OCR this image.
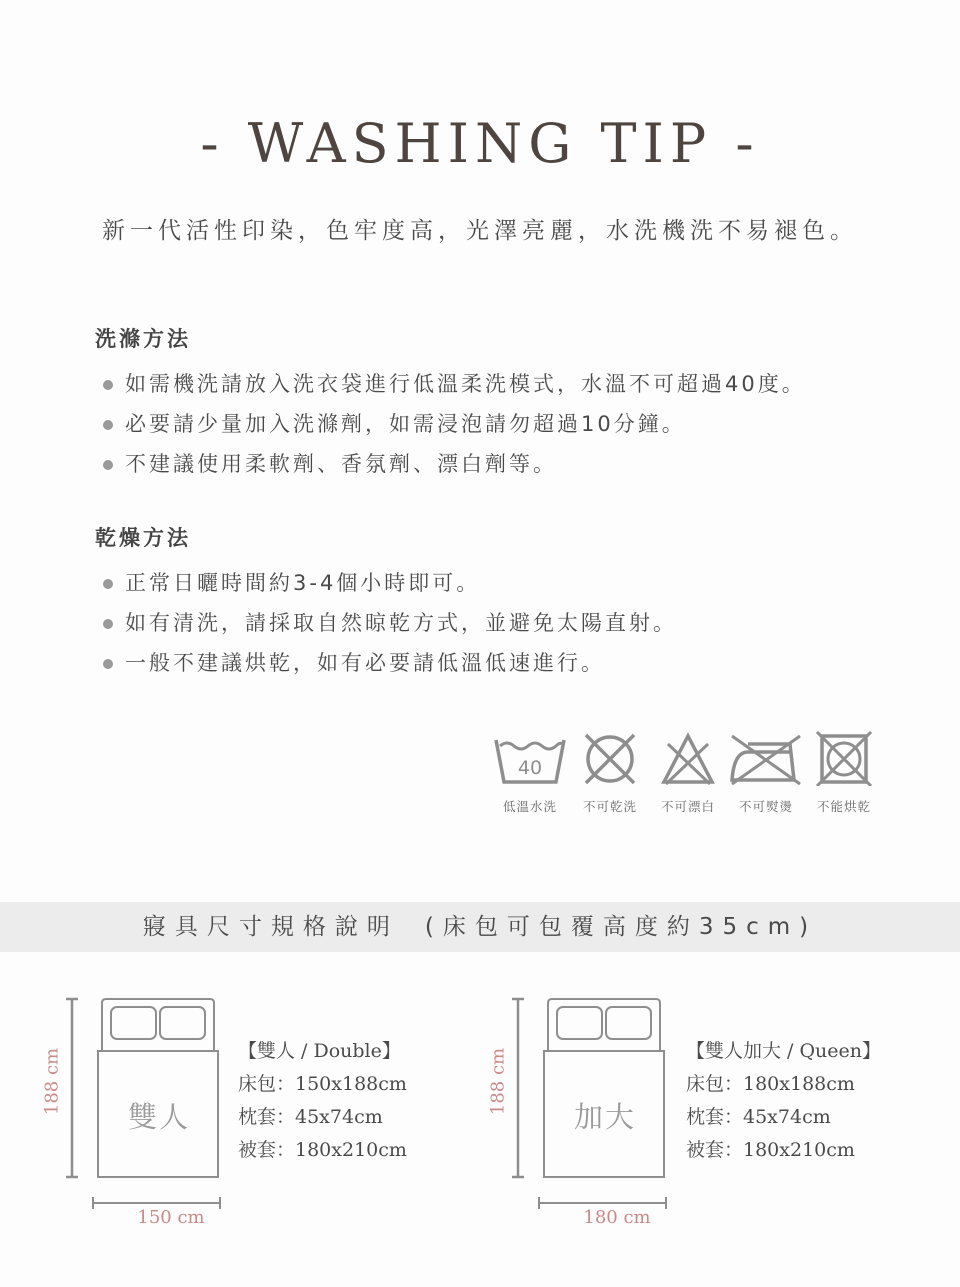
- WASHING TIP -

新一代活性印染，色牢度高，光澤亮麗，水洗機洗不易褪色。

洗滌方法
如需機洗請放入洗衣袋進行低溫柔洗模式，水溫不可超過40度。
必要請少量加入洗滌劑，如需浸泡請勿超過10分鐘。
不建議使用柔軟劑、香氛劑、漂白劑等。
乾燥方法
正常日曬時間約3-4個小時即可。
如有清洗，請採取自然晾乾方式，並避免太陽直射。
一般不建議烘乾，如有必要請低溫低速進行。
40
低溫水洗	不可乾洗	不可漂白	不可熨燙	不能烘乾
寢具尺寸規格說明 (床包可包覆高度約35cm)
188 cm
150 cm
雙人
【雙人 / Double】
床包：150x188cm
枕套：45x74cm
被套：180x210cm
188 cm
180 cm
加大
【雙人加大 / Queen】
床包：180x188cm
枕套：45x74cm
被套：180x210cm
